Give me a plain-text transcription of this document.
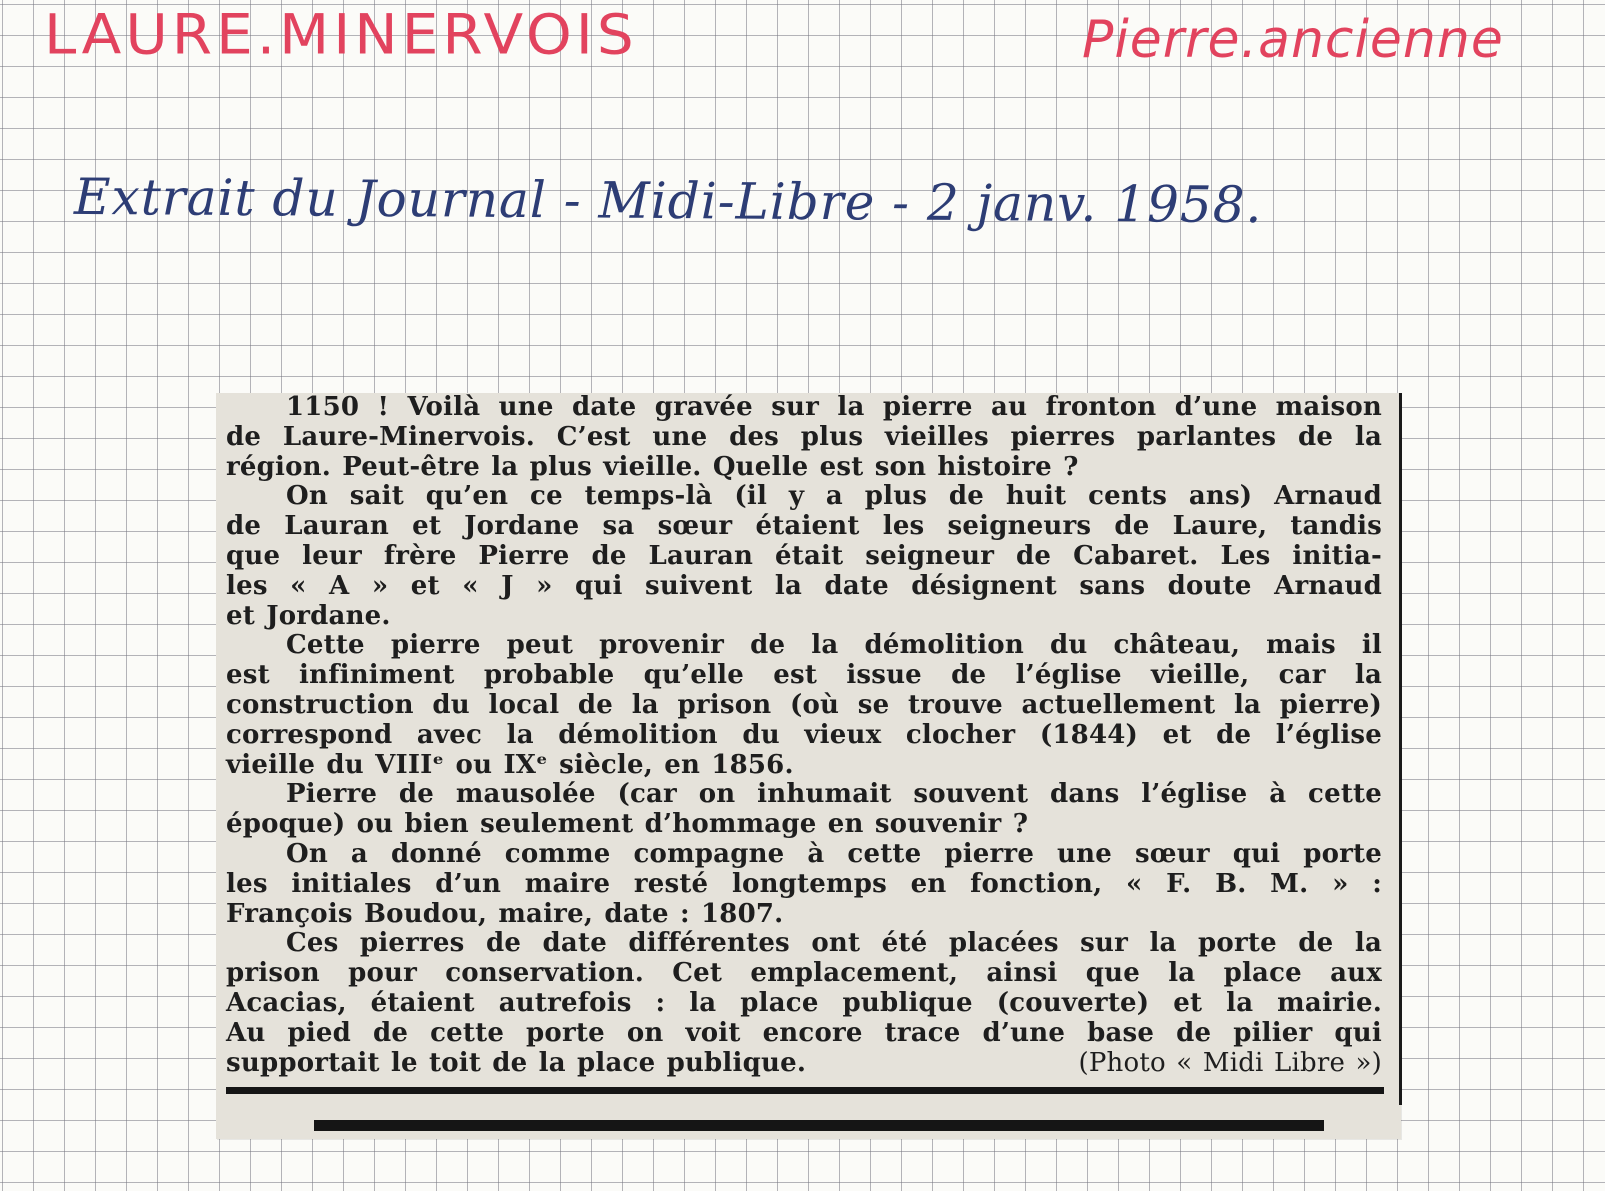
LAURE.MINERVOIS	Pierre.ancienne
Extrait du Journal - Midi-Libre - 2 janv. 1958.
1150 ! Voilà une date gravée sur la pierre au fronton d’une maison
de Laure-Minervois. C’est une des plus vieilles pierres parlantes de la
région. Peut-être la plus vieille. Quelle est son histoire ?
On sait qu’en ce temps-là (il y a plus de huit cents ans) Arnaud
de Lauran et Jordane sa sœur étaient les seigneurs de Laure, tandis
que leur frère Pierre de Lauran était seigneur de Cabaret. Les initia-
les « A » et « J » qui suivent la date désignent sans doute Arnaud
et Jordane.
Cette pierre peut provenir de la démolition du château, mais il
est infiniment probable qu’elle est issue de l’église vieille, car la
construction du local de la prison (où se trouve actuellement la pierre)
correspond avec la démolition du vieux clocher (1844) et de l’église
vieille du VIIIᵉ ou IXᵉ siècle, en 1856.
Pierre de mausolée (car on inhumait souvent dans l’église à cette
époque) ou bien seulement d’hommage en souvenir ?
On a donné comme compagne à cette pierre une sœur qui porte
les initiales d’un maire resté longtemps en fonction, « F. B. M. » :
François Boudou, maire, date : 1807.
Ces pierres de date différentes ont été placées sur la porte de la
prison pour conservation. Cet emplacement, ainsi que la place aux
Acacias, étaient autrefois : la place publique (couverte) et la mairie.
Au pied de cette porte on voit encore trace d’une base de pilier qui
supportait le toit de la place publique.	(Photo « Midi Libre »)
